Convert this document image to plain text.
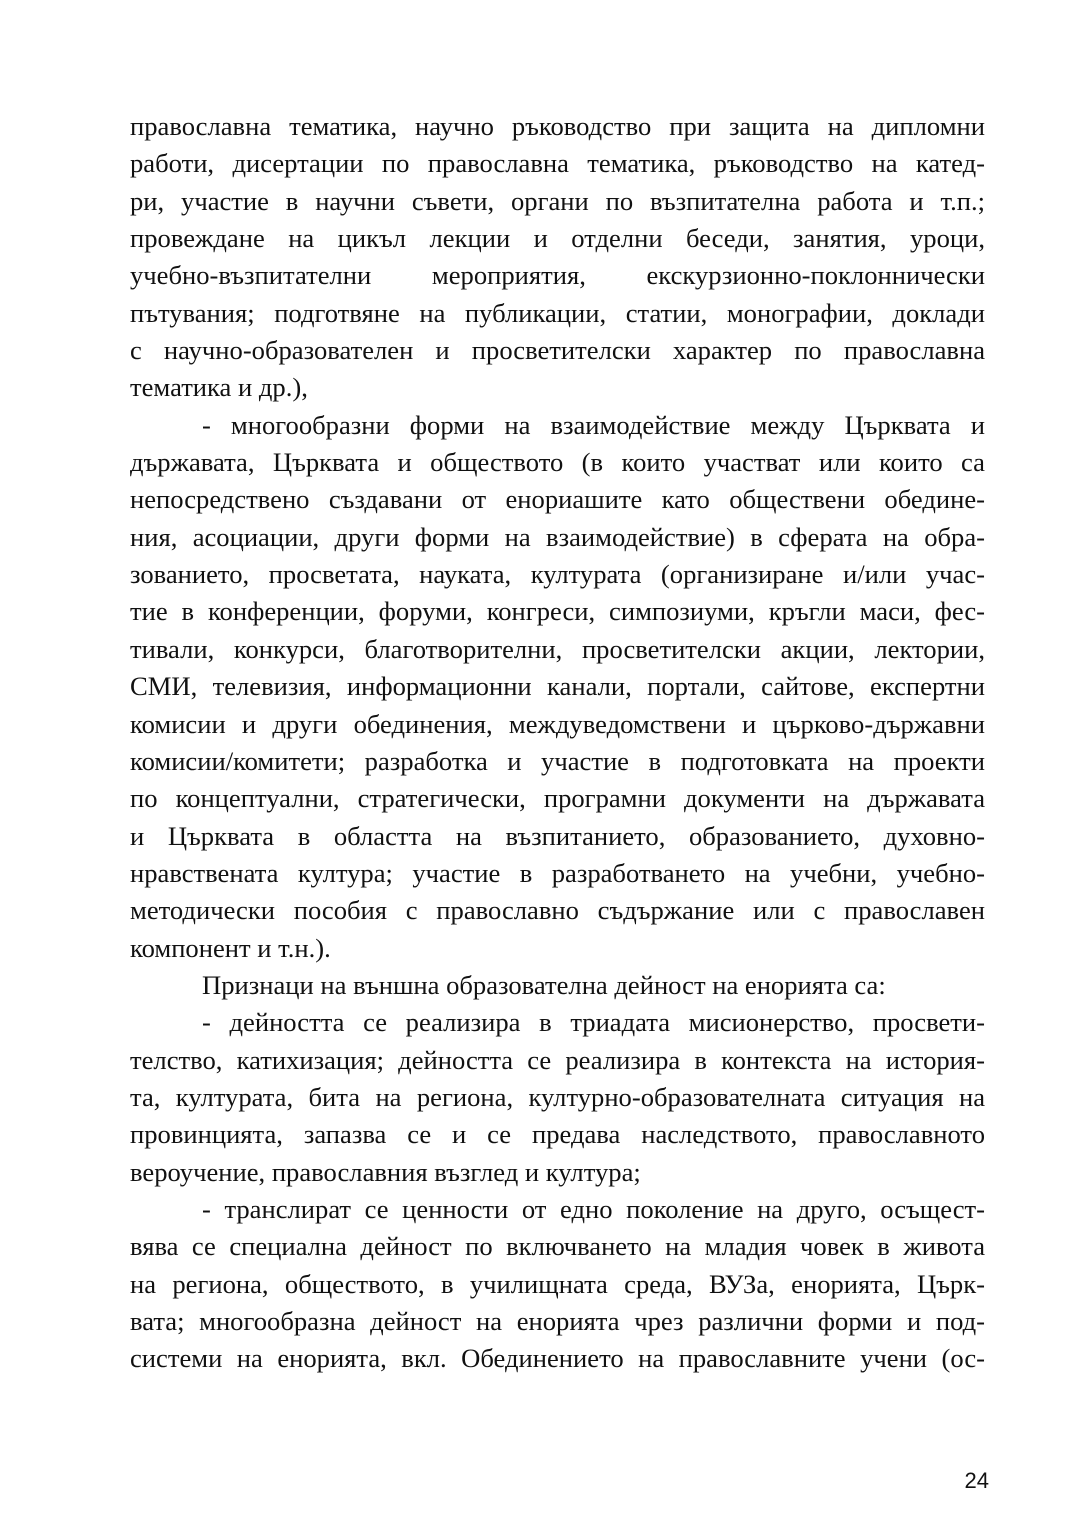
православна тематика, научно ръководство при защита на дипломни
работи, дисертации по православна тематика, ръководство на катед-
ри, участие в научни съвети, органи по възпитателна работа и т.п.;
провеждане на цикъл лекции и отделни беседи, занятия, уроци,
учебно-възпитателни мероприятия, екскурзионно-поклоннически
пътувания; подготвяне на публикации, статии, монографии, доклади
с научно-образователен и просветителски характер по православна
тематика и др.),

- многообразни форми на взаимодействие между Църквата и
държавата, Църквата и обществото (в които участват или които са
непосредствено създавани от енориашите като обществени обедине-
ния, асоциации, други форми на взаимодействие) в сферата на обра-
зованието, просветата, науката, културата (организиране и/или учас-
тие в конференции, форуми, конгреси, симпозиуми, кръгли маси, фес-
тивали, конкурси, благотворителни, просветителски акции, лектории,
СМИ, телевизия, информационни канали, портали, сайтове, експертни
комисии и други обединения, междуведомствени и църково-държавни
комисии/комитети; разработка и участие в подготовката на проекти
по концептуални, стратегически, програмни документи на държавата
и Църквата в областта на възпитанието, образованието, духовно-
нравствената култура; участие в разработването на учебни, учебно-
методически пособия с православно съдържание или с православен
компонент и т.н.).

Признаци на външна образователна дейност на енорията са:

- дейността се реализира в триадата мисионерство, просвети-
телство, катихизация; дейността се реализира в контекста на история-
та, културата, бита на региона, културно-образователната ситуация на
провинцията, запазва се и се предава наследството, православното
вероучение, православния възглед и култура;

- транслират се ценности от едно поколение на друго, осъщест-
вява се специална дейност по включването на младия човек в живота
на региона, обществото, в училищната среда, ВУЗа, енорията, Църк-
вата; многообразна дейност на енорията чрез различни форми и под-
системи на енорията, вкл. Обединението на православните учени (ос-

24
